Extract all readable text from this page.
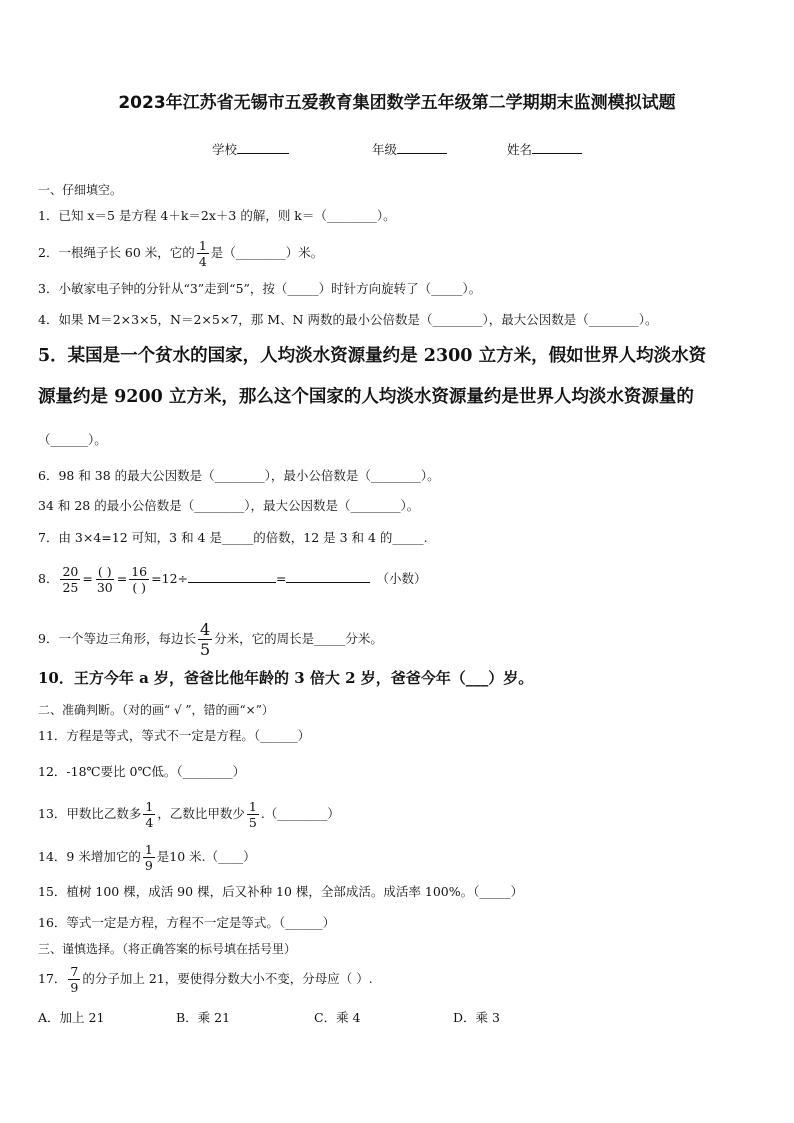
2023年江苏省无锡市五爱教育集团数学五年级第二学期期末监测模拟试题
学校	年级	姓名
一、仔细填空。
1．已知 x＝5 是方程 4＋k＝2x＋3 的解，则 k＝（________）。
2．一根绳子长 60 米，它的 $\frac{1}{4}$ 是（________）米。
3．小敏家电子钟的分针从“3”走到“5”，按（_____）时针方向旋转了（_____）。
4．如果 M＝2×3×5，N＝2×5×7，那 M、N 两数的最小公倍数是（________），最大公因数是（________）。
5．某国是一个贫水的国家，人均淡水资源量约是 2300 立方米，假如世界人均淡水资
源量约是 9200 立方米，那么这个国家的人均淡水资源量约是世界人均淡水资源量的
（______）。
6．98 和 38 的最大公因数是（________），最小公倍数是（________）。
34 和 28 的最小公倍数是（________），最大公因数是（________）。
7．由 3×4=12 可知，3 和 4 是_____的倍数，12 是 3 和 4 的_____.
8． $\frac{20}{25} = \frac{( )}{30} = \frac{16}{( )} =12\div$	=	（小数）
9．一个等边三角形，每边长 $\frac{4}{5}$ 分米，它的周长是_____分米。
10．王方今年 a 岁，爸爸比他年龄的 3 倍大 2 岁，爸爸今年（___）岁。
二、准确判断。（对的画“ √ ”，错的画“×”）
11．方程是等式，等式不一定是方程。（______）
12．-18℃要比 0℃低。（________）
13．甲数比乙数多 $\frac{1}{4}$ ，乙数比甲数少 $\frac{1}{5}$ .（________）
14．9 米增加它的 $\frac{1}{9}$ 是10 米.（____）
15．植树 100 棵，成活 90 棵，后又补种 10 棵，全部成活。成活率 100%。（_____）
16．等式一定是方程，方程不一定是等式。（______）
三、谨慎选择。（将正确答案的标号填在括号里）
17． $\frac{7}{9}$ 的分子加上 21，要使得分数大小不变，分母应（ ）.
A．加上 21	B．乘 21	C．乘 4	D．乘 3
